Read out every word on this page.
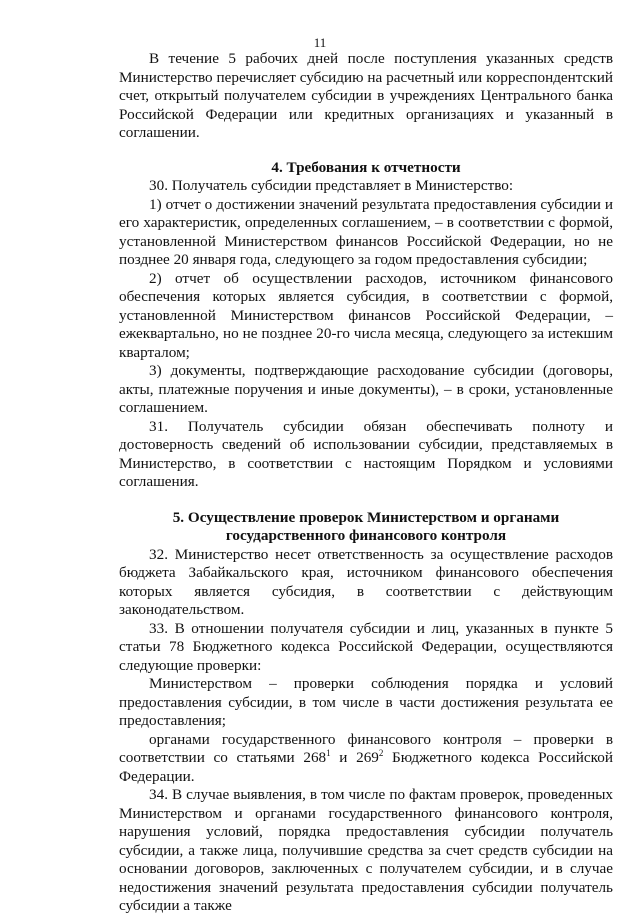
11

В течение 5 рабочих дней после поступления указанных средств Министерство перечисляет субсидию на расчетный или корреспондентский счет, открытый получателем субсидии в учреждениях Центрального банка Российской Федерации или кредитных организациях и указанный в соглашении.

4. Требования к отчетности

30. Получатель субсидии представляет в Министерство:

1) отчет о достижении значений результата предоставления субсидии и его характеристик, определенных соглашением, – в соответствии с формой, установленной Министерством финансов Российской Федерации, но не позднее 20 января года, следующего за годом предоставления субсидии;

2) отчет об осуществлении расходов, источником финансового обеспечения которых является субсидия, в соответствии с формой, установленной Министерством финансов Российской Федерации, – ежеквартально, но не позднее 20-го числа месяца, следующего за истекшим кварталом;

3) документы, подтверждающие расходование субсидии (договоры, акты, платежные поручения и иные документы), – в сроки, установленные соглашением.

31. Получатель субсидии обязан обеспечивать полноту и достоверность сведений об использовании субсидии, представляемых в Министерство, в соответствии с настоящим Порядком и условиями соглашения.

5. Осуществление проверок Министерством и органами
государственного финансового контроля

32. Министерство несет ответственность за осуществление расходов бюджета Забайкальского края, источником финансового обеспечения которых является субсидия, в соответствии с действующим законодательством.

33. В отношении получателя субсидии и лиц, указанных в пункте 5 статьи 78 Бюджетного кодекса Российской Федерации, осуществляются следующие проверки:

Министерством – проверки соблюдения порядка и условий предоставления субсидии, в том числе в части достижения результата ее предоставления;

органами государственного финансового контроля – проверки в соответствии со статьями $268^1$ и $269^2$ Бюджетного кодекса Российской Федерации.

34. В случае выявления, в том числе по фактам проверок, проведенных Министерством и органами государственного финансового контроля, нарушения условий, порядка предоставления субсидии получатель субсидии, а также лица, получившие средства за счет средств субсидии на основании договоров, заключенных с получателем субсидии, и в случае недостижения значений результата предоставления субсидии получатель субсидии а также
